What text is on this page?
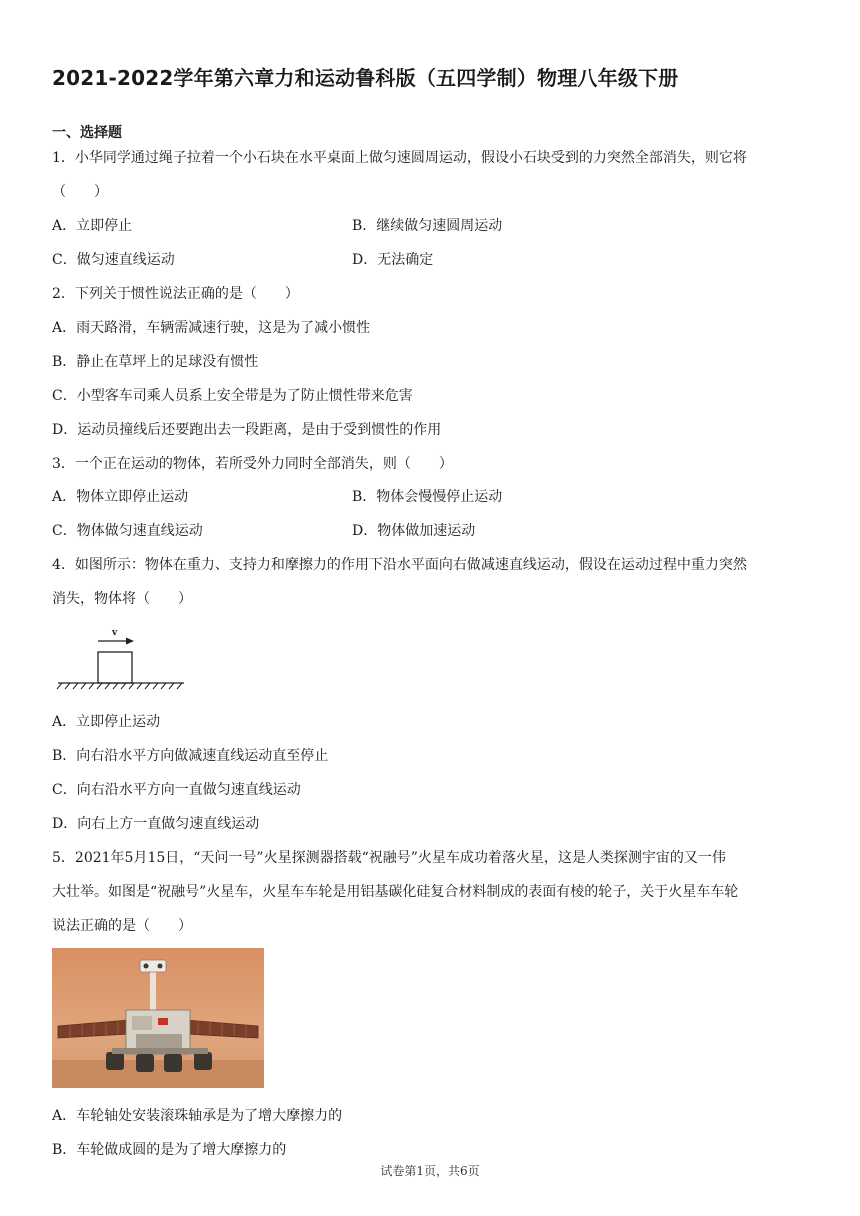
2021-2022学年第六章力和运动鲁科版（五四学制）物理八年级下册
一、选择题
1．小华同学通过绳子拉着一个小石块在水平桌面上做匀速圆周运动，假设小石块受到的力突然全部消失，则它将
（　　）
A．立即停止	B．继续做匀速圆周运动
C．做匀速直线运动	D．无法确定
2．下列关于惯性说法正确的是（　　）
A．雨天路滑，车辆需减速行驶，这是为了减小惯性
B．静止在草坪上的足球没有惯性
C．小型客车司乘人员系上安全带是为了防止惯性带来危害
D．运动员撞线后还要跑出去一段距离，是由于受到惯性的作用
3．一个正在运动的物体，若所受外力同时全部消失，则（　　）
A．物体立即停止运动	B．物体会慢慢停止运动
C．物体做匀速直线运动	D．物体做加速运动
4．如图所示：物体在重力、支持力和摩擦力的作用下沿水平面向右做减速直线运动，假设在运动过程中重力突然
消失，物体将（　　）
v
A．立即停止运动
B．向右沿水平方向做减速直线运动直至停止
C．向右沿水平方向一直做匀速直线运动
D．向右上方一直做匀速直线运动
5．2021年5月15日，“天问一号”火星探测器搭载“祝融号”火星车成功着落火星，这是人类探测宇宙的又一伟
大壮举。如图是“祝融号”火星车，火星车车轮是用铝基碳化硅复合材料制成的表面有棱的轮子，关于火星车车轮
说法正确的是（　　）
A．车轮轴处安装滚珠轴承是为了增大摩擦力的
B．车轮做成圆的是为了增大摩擦力的
试卷第1页，共6页
